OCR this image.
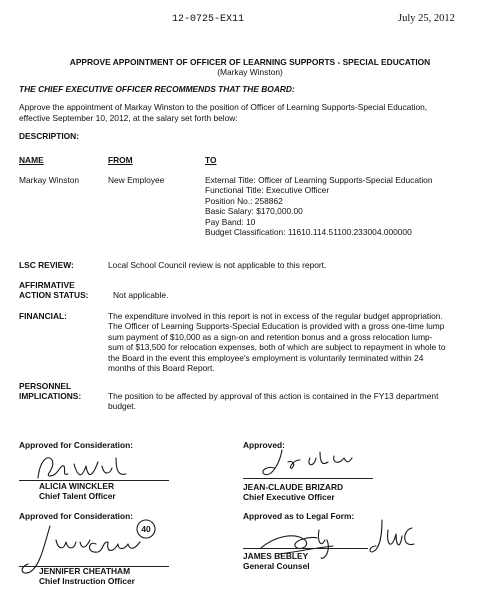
12-0725-EX11	July 25, 2012
APPROVE APPOINTMENT OF OFFICER OF LEARNING SUPPORTS - SPECIAL EDUCATION
(Markay Winston)
THE CHIEF EXECUTIVE OFFICER RECOMMENDS THAT THE BOARD:
Approve the appointment of Markay Winston to the position of Officer of Learning Supports-Special Education,
effective September 10, 2012, at the salary set forth below:
DESCRIPTION:
NAME	FROM	TO
Markay Winston	New Employee	External Title: Officer of Learning Supports-Special Education
Functional Title: Executive Officer
Position No.: 258862
Basic Salary: $170,000.00
Pay Band: 10
Budget Classification: 11610.114.51100.233004.000000
LSC REVIEW:	Local School Council review is not applicable to this report.
AFFIRMATIVE
ACTION STATUS:	Not applicable.
FINANCIAL:	The expenditure involved in this report is not in excess of the regular budget appropriation.
The Officer of Learning Supports-Special Education is provided with a gross one-time lump
sum payment of $10,000 as a sign-on and retention bonus and a gross relocation lump-
sum of $13,500 for relocation expenses, both of which are subject to repayment in whole to
the Board in the event this employee's employment is voluntarily terminated within 24
months of this Board Report.
PERSONNEL
IMPLICATIONS:	The position to be affected by approval of this action is contained in the FY13 department
budget.
Approved for Consideration:
ALICIA WINCKLER
Chief Talent Officer
Approved:
JEAN-CLAUDE BRIZARD
Chief Executive Officer
Approved for Consideration:
40
JENNIFER CHEATHAM
Chief Instruction Officer
Approved as to Legal Form:
JAMES BEBLEY
General Counsel
